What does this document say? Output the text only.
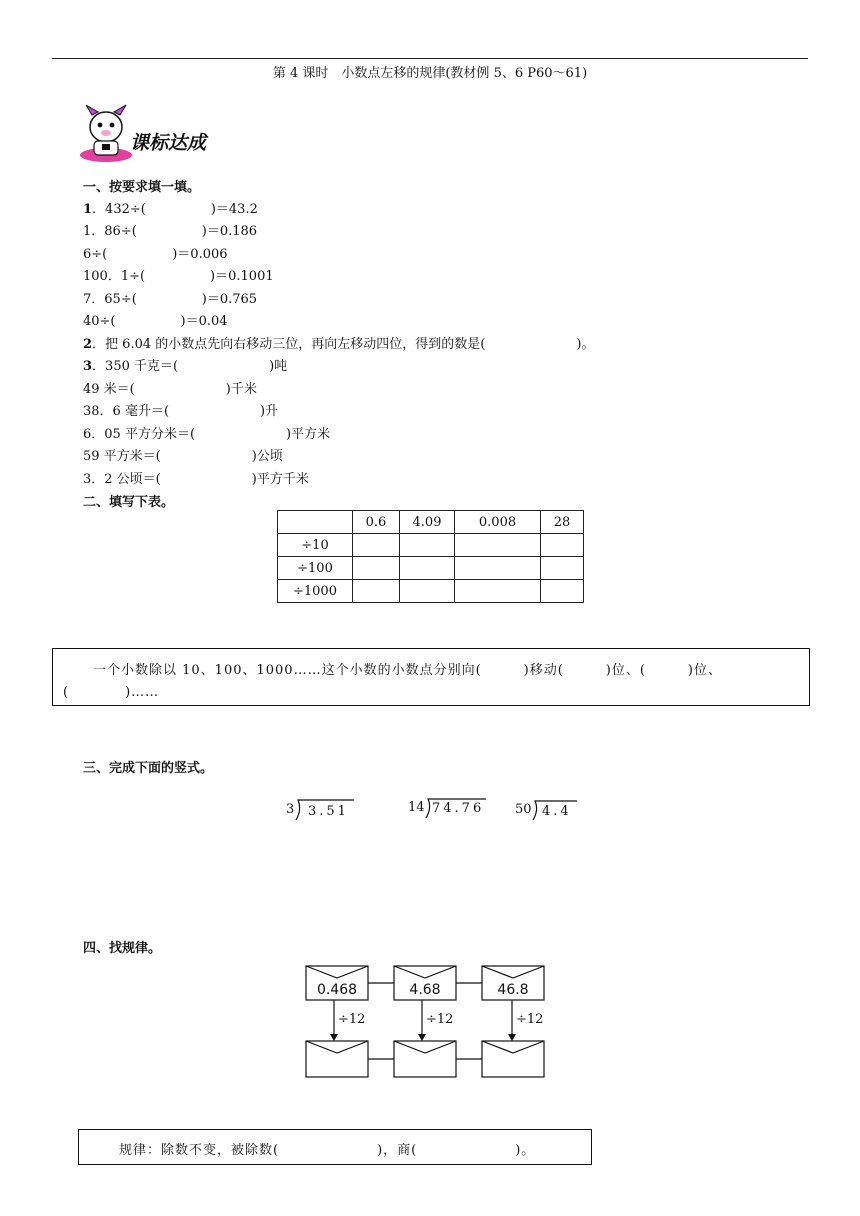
第 4 课时　小数点左移的规律(教材例 5、6 P60～61)
课标达成
一、按要求填一填。
1．432÷(　　　　　)＝43.2
1．86÷(　　　　　)＝0.186
6÷(　　　　　)＝0.006
100．1÷(　　　　　)＝0.1001
7．65÷(　　　　　)＝0.765
40÷(　　　　　)＝0.04
2．把 6.04 的小数点先向右移动三位，再向左移动四位，得到的数是(　　　　　　　)。
3．350 千克＝(　　　　　　　)吨
49 米＝(　　　　　　　)千米
38．6 毫升＝(　　　　　　　)升
6．05 平方分米＝(　　　　　　　)平方米
59 平方米＝(　　　　　　　)公顷
3．2 公顷＝(　　　　　　　)平方千米
二、填写下表。
	0.6	4.09	0.008	28
÷10				
÷100				
÷1000				
一个小数除以 10、100、1000……这个小数的小数点分别向(　　　)移动(　　　)位、(　　　)位、
(　　　　)……
三、完成下面的竖式。
3 3.51	14 74.76 50 4.4
四、找规律。
0.468	4.68	46.8
÷12	÷12	÷12
规律：除数不变，被除数(　　　　　　　)，商(　　　　　　　)。
